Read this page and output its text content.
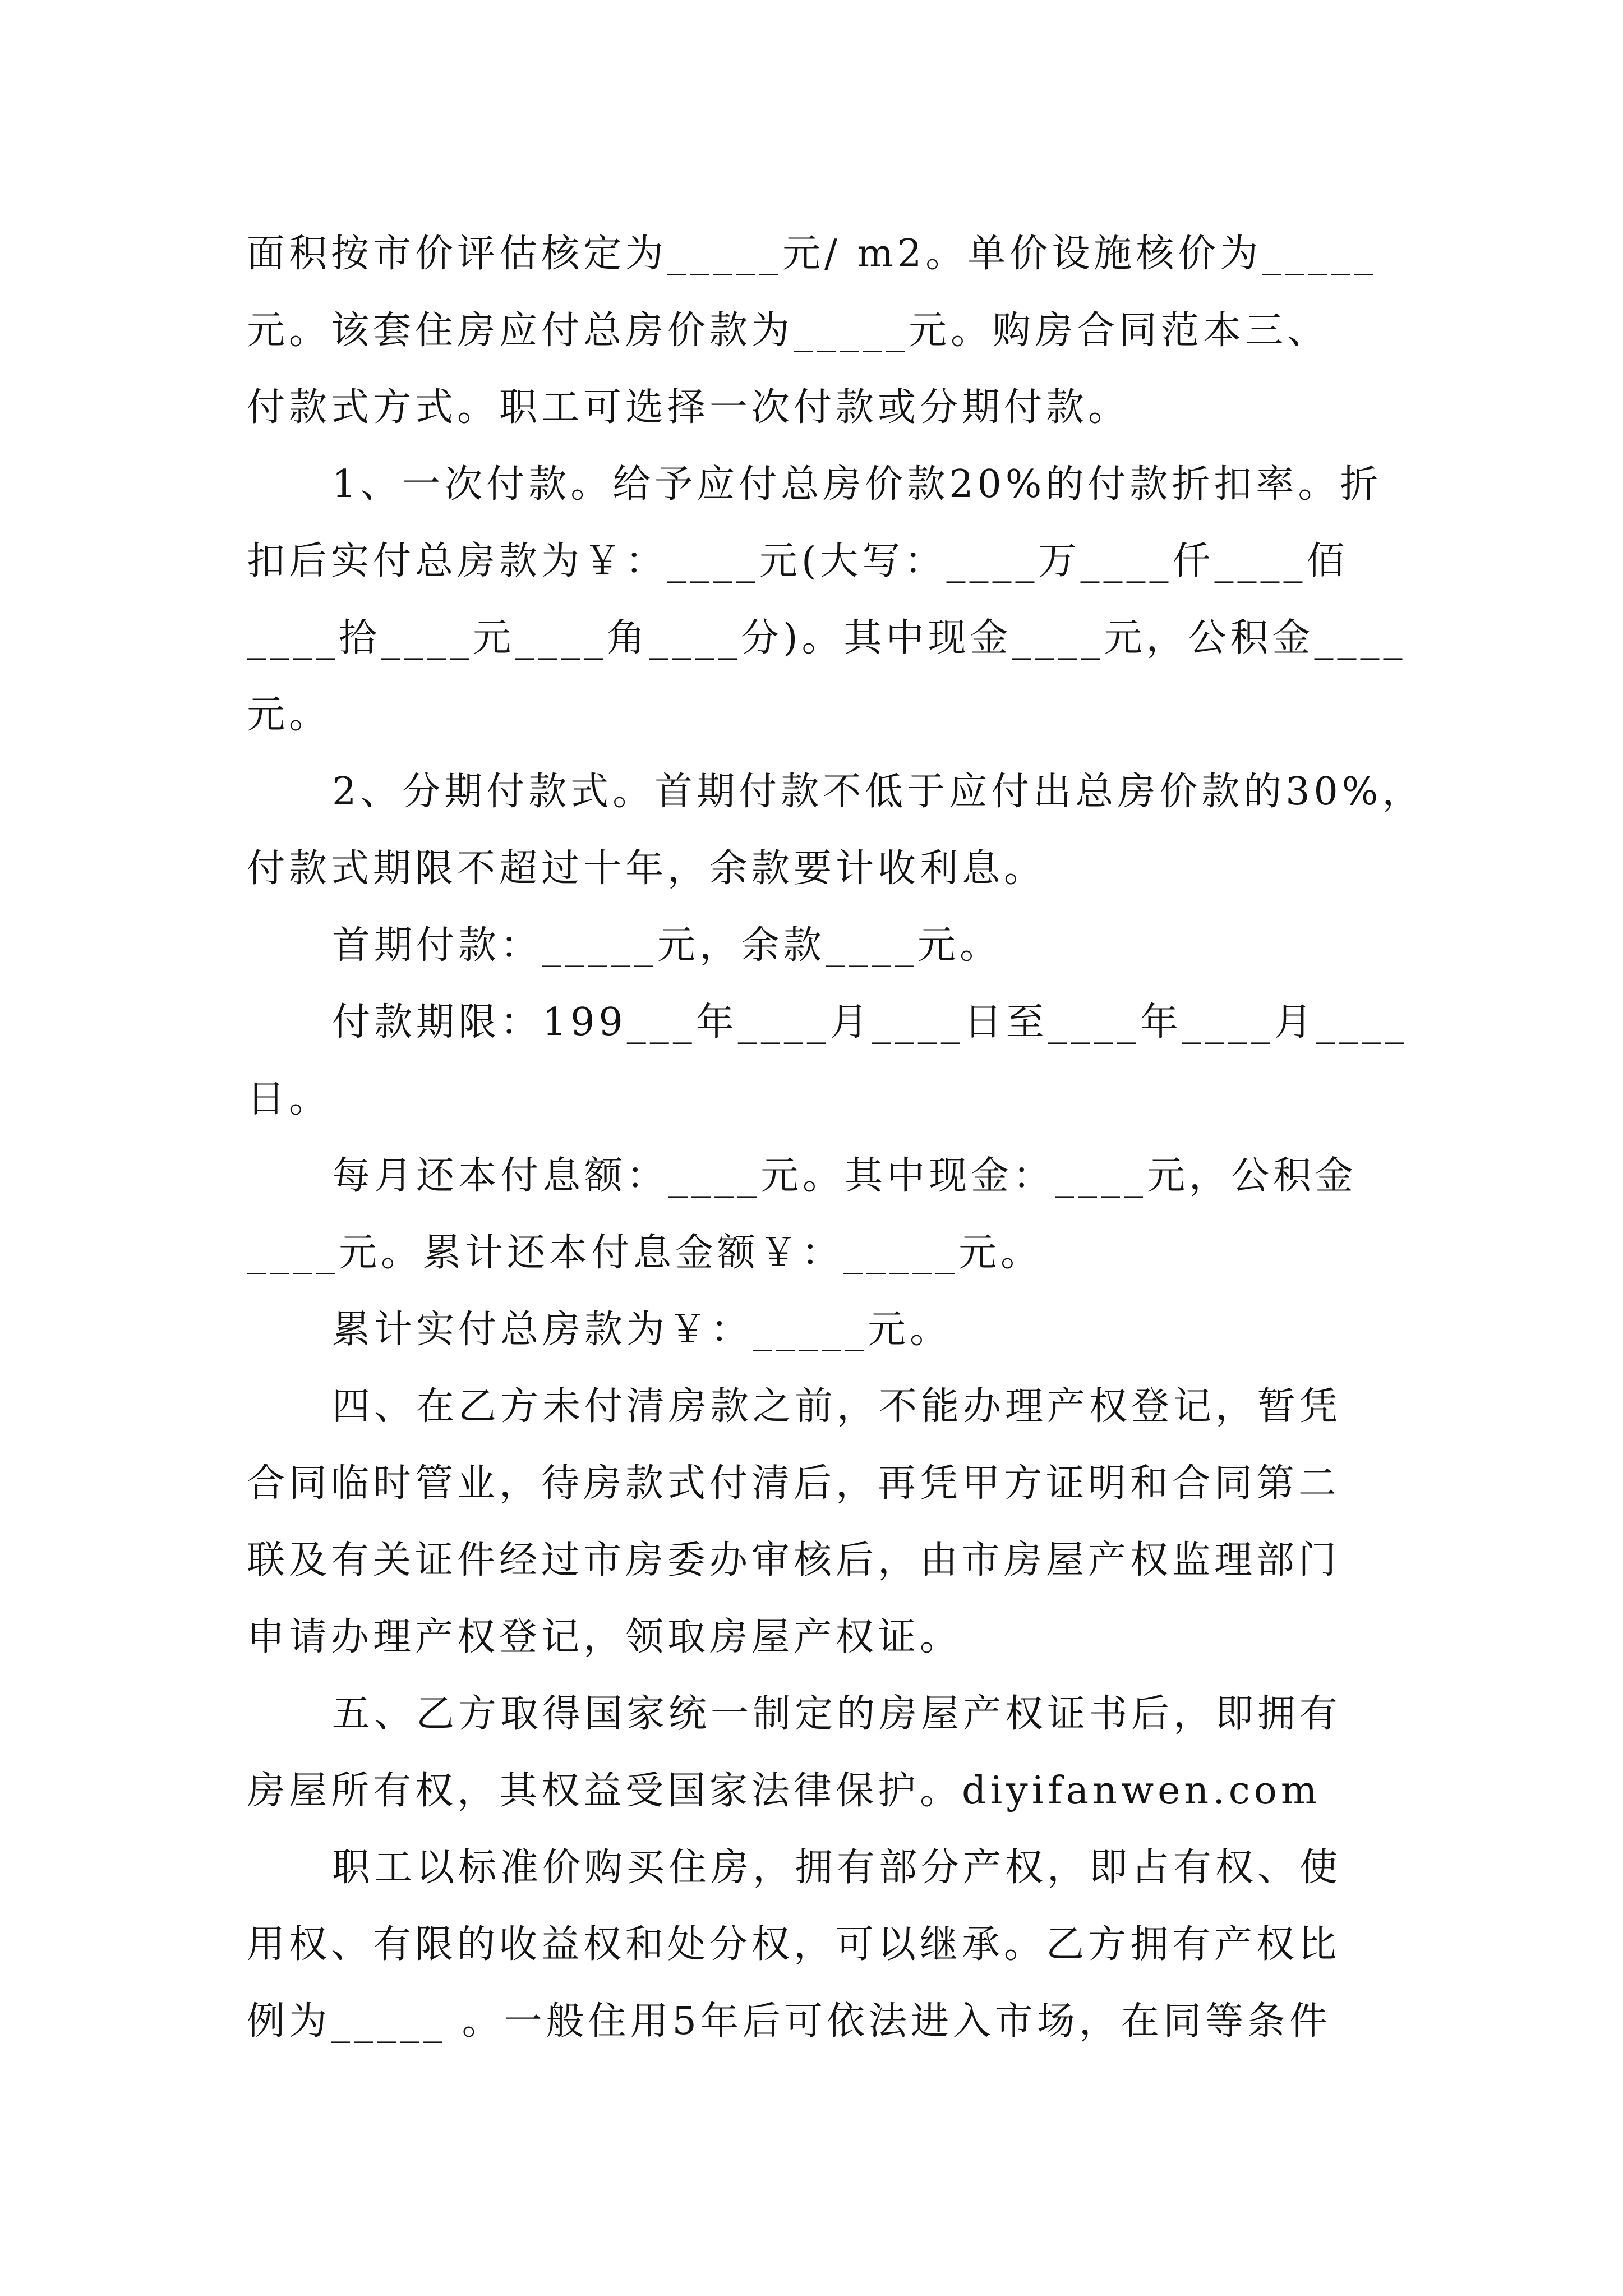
面积按市价评估核定为_____元/ m2。单价设施核价为_____
元。该套住房应付总房价款为_____元。购房合同范本三、
付款式方式。职工可选择一次付款或分期付款。
1、一次付款。给予应付总房价款20%的付款折扣率。折
扣后实付总房款为￥：____元(大写：____万____仟____佰
____拾____元____角____分)。其中现金____元，公积金____
元。
2、分期付款式。首期付款不低于应付出总房价款的30%，
付款式期限不超过十年，余款要计收利息。
首期付款：_____元，余款____元。
付款期限：199___年____月____日至____年____月____
日。
每月还本付息额：____元。其中现金：____元，公积金
____元。累计还本付息金额￥：_____元。
累计实付总房款为￥：_____元。
四、在乙方未付清房款之前，不能办理产权登记，暂凭
合同临时管业，待房款式付清后，再凭甲方证明和合同第二
联及有关证件经过市房委办审核后，由市房屋产权监理部门
申请办理产权登记，领取房屋产权证。
五、乙方取得国家统一制定的房屋产权证书后，即拥有
房屋所有权，其权益受国家法律保护。diyifanwen.com
职工以标准价购买住房，拥有部分产权，即占有权、使
用权、有限的收益权和处分权，可以继承。乙方拥有产权比
例为_____ 。一般住用5年后可依法进入市场，在同等条件
